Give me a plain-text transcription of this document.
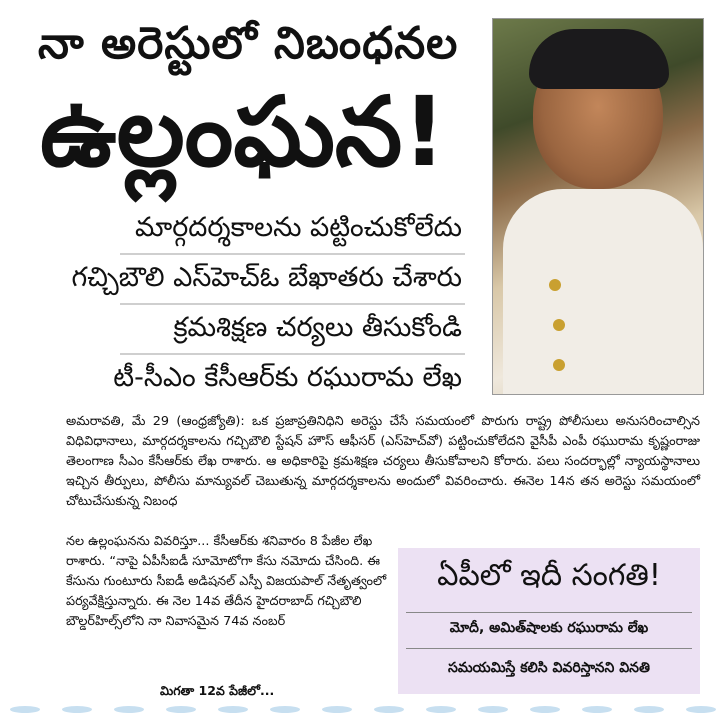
నా అరెస్టులో నిబంధనల
ఉల్లంఘన!
మార్గదర్శకాలను పట్టించుకోలేదు
గచ్చిబౌలి ఎస్‌హెచ్‌ఓ బేఖాతరు చేశారు
క్రమశిక్షణ చర్యలు తీసుకోండి
టీ-సీఎం కేసీఆర్‌కు రఘురామ లేఖ
అమరావతి, మే 29 (ఆంధ్రజ్యోతి): ఒక ప్రజాప్రతినిధిని అరెస్టు చేసే సమయంలో పొరుగు రాష్ట్ర పోలీసులు అనుసరించాల్సిన విధివిధానాలు, మార్గదర్శకాలను గచ్చిబౌలి స్టేషన్ హౌస్ ఆఫీసర్ (ఎస్‌హెచ్‌వో) పట్టించుకోలేదని వైసీపీ ఎంపీ రఘురామ కృష్ణంరాజు తెలంగాణ సీఎం కేసీఆర్‌కు లేఖ రాశారు. ఆ అధికారిపై క్రమశిక్షణ చర్యలు తీసుకోవాలని కోరారు. పలు సందర్భాల్లో న్యాయస్థానాలు ఇచ్చిన తీర్పులు, పోలీసు మాన్యువల్ చెబుతున్న మార్గదర్శకాలను అందులో వివరించారు. ఈనెల 14న తన అరెస్టు సమయంలో చోటుచేసుకున్న నిబంధ
నల ఉల్లంఘనను వివరిస్తూ... కేసీఆర్‌కు శనివారం 8 పేజీల లేఖ రాశారు. “నాపై ఏపీసీఐడీ సూమోటోగా కేసు నమోదు చేసింది. ఈ కేసును గుంటూరు సీఐడీ అడిషనల్ ఎస్పీ విజయపాల్ నేతృత్వంలో పర్యవేక్షిస్తున్నారు. ఈ నెల 14వ తేదీన హైదరాబాద్ గచ్చిబౌలి బౌల్డర్‌హిల్స్‌లోని నా నివాసమైన 74వ నంబర్
మిగతా 12వ పేజీలో...
ఏపీలో ఇదీ సంగతి!
మోదీ, అమిత్‌షాలకు రఘురామ లేఖ
సమయమిస్తే కలిసి వివరిస్తానని వినతి
